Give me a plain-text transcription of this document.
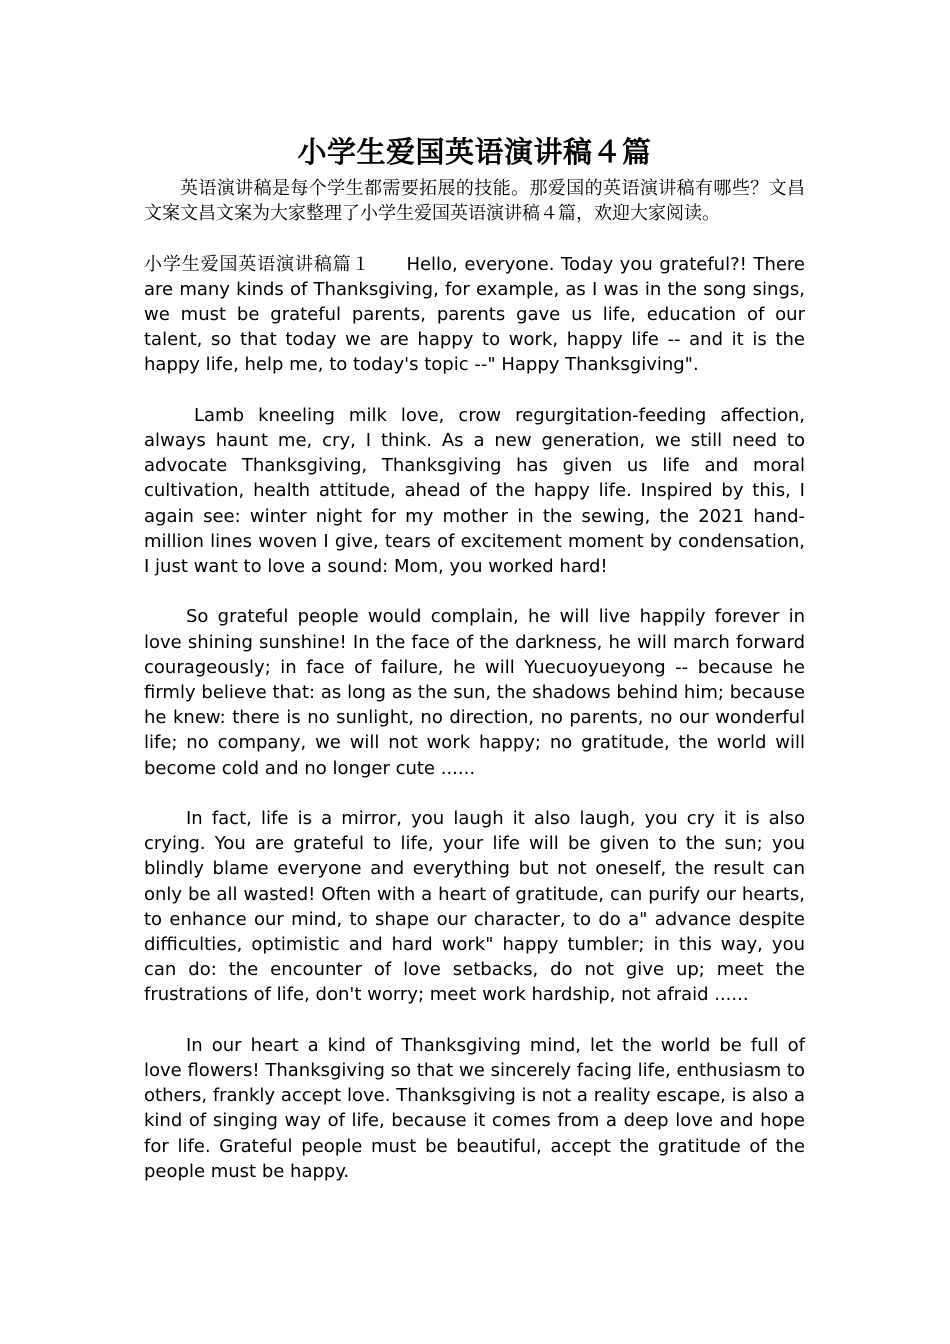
小学生爱国英语演讲稿４篇

英语演讲稿是每个学生都需要拓展的技能。那爱国的英语演讲稿有哪些？文昌文案文昌文案为大家整理了小学生爱国英语演讲稿４篇，欢迎大家阅读。

小学生爱国英语演讲稿篇１ Hello, everyone. Today you grateful?! There are many kinds of Thanksgiving, for example, as I was in the song sings, we must be grateful parents, parents gave us life, education of our talent, so that today we are happy to work, happy life -- and it is the happy life, help me, to today's topic --" Happy Thanksgiving".

Lamb kneeling milk love, crow regurgitation-feeding affection, always haunt me, cry, I think. As a new generation, we still need to advocate Thanksgiving, Thanksgiving has given us life and moral cultivation, health attitude, ahead of the happy life. Inspired by this, I again see: winter night for my mother in the sewing, the 2021 hand-million lines woven I give, tears of excitement moment by condensation, I just want to love a sound: Mom, you worked hard!

So grateful people would complain, he will live happily forever in love shining sunshine! In the face of the darkness, he will march forward courageously; in face of failure, he will Yuecuoyueyong -- because he firmly believe that: as long as the sun, the shadows behind him; because he knew: there is no sunlight, no direction, no parents, no our wonderful life; no company, we will not work happy; no gratitude, the world will become cold and no longer cute ......

In fact, life is a mirror, you laugh it also laugh, you cry it is also crying. You are grateful to life, your life will be given to the sun; you blindly blame everyone and everything but not oneself, the result can only be all wasted! Often with a heart of gratitude, can purify our hearts, to enhance our mind, to shape our character, to do a" advance despite difficulties, optimistic and hard work" happy tumbler; in this way, you can do: the encounter of love setbacks, do not give up; meet the frustrations of life, don't worry; meet work hardship, not afraid ......

In our heart a kind of Thanksgiving mind, let the world be full of love flowers! Thanksgiving so that we sincerely facing life, enthusiasm to others, frankly accept love. Thanksgiving is not a reality escape, is also a kind of singing way of life, because it comes from a deep love and hope for life. Grateful people must be beautiful, accept the gratitude of the people must be happy.
